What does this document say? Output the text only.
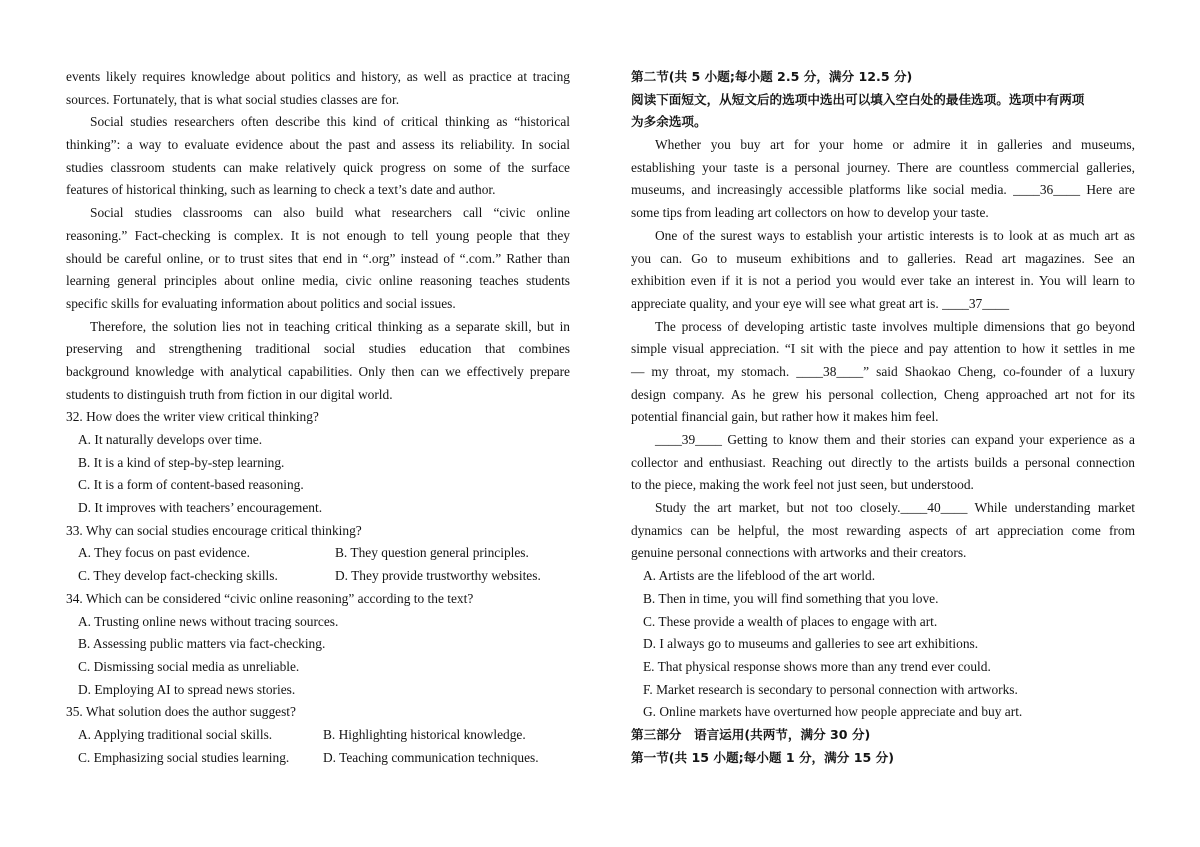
events likely requires knowledge about politics and history, as well as practice at tracing
sources. Fortunately, that is what social studies classes are for.
Social studies researchers often describe this kind of critical thinking as “historical
thinking”: a way to evaluate evidence about the past and assess its reliability. In social
studies classroom students can make relatively quick progress on some of the surface
features of historical thinking, such as learning to check a text’s date and author.
Social studies classrooms can also build what researchers call “civic online
reasoning.” Fact-checking is complex. It is not enough to tell young people that they
should be careful online, or to trust sites that end in “.org” instead of “.com.” Rather than
learning general principles about online media, civic online reasoning teaches students
specific skills for evaluating information about politics and social issues.
Therefore, the solution lies not in teaching critical thinking as a separate skill, but in
preserving and strengthening traditional social studies education that combines
background knowledge with analytical capabilities. Only then can we effectively prepare
students to distinguish truth from fiction in our digital world.
32. How does the writer view critical thinking?
A. It naturally develops over time.
B. It is a kind of step-by-step learning.
C. It is a form of content-based reasoning.
D. It improves with teachers’ encouragement.
33. Why can social studies encourage critical thinking?
A. They focus on past evidence.	B. They question general principles.
C. They develop fact-checking skills.	D. They provide trustworthy websites.
34. Which can be considered “civic online reasoning” according to the text?
A. Trusting online news without tracing sources.
B. Assessing public matters via fact-checking.
C. Dismissing social media as unreliable.
D. Employing AI to spread news stories.
35. What solution does the author suggest?
A. Applying traditional social skills.	B. Highlighting historical knowledge.
C. Emphasizing social studies learning.	D. Teaching communication techniques.
第二节(共 5 小题;每小题 2.5 分，满分 12.5 分)
阅读下面短文，从短文后的选项中选出可以填入空白处的最佳选项。选项中有两项
为多余选项。
Whether you buy art for your home or admire it in galleries and museums,
establishing your taste is a personal journey. There are countless commercial galleries,
museums, and increasingly accessible platforms like social media. ____36____ Here are
some tips from leading art collectors on how to develop your taste.
One of the surest ways to establish your artistic interests is to look at as much art as
you can. Go to museum exhibitions and to galleries. Read art magazines. See an
exhibition even if it is not a period you would ever take an interest in. You will learn to
appreciate quality, and your eye will see what great art is. ____37____
The process of developing artistic taste involves multiple dimensions that go beyond
simple visual appreciation. “I sit with the piece and pay attention to how it settles in me
— my throat, my stomach. ____38____” said Shaokao Cheng, co-founder of a luxury
design company. As he grew his personal collection, Cheng approached art not for its
potential financial gain, but rather how it makes him feel.
____39____ Getting to know them and their stories can expand your experience as a
collector and enthusiast. Reaching out directly to the artists builds a personal connection
to the piece, making the work feel not just seen, but understood.
Study the art market, but not too closely.____40____ While understanding market
dynamics can be helpful, the most rewarding aspects of art appreciation come from
genuine personal connections with artworks and their creators.
A. Artists are the lifeblood of the art world.
B. Then in time, you will find something that you love.
C. These provide a wealth of places to engage with art.
D. I always go to museums and galleries to see art exhibitions.
E. That physical response shows more than any trend ever could.
F. Market research is secondary to personal connection with artworks.
G. Online markets have overturned how people appreciate and buy art.
第三部分　语言运用(共两节，满分 30 分)
第一节(共 15 小题;每小题 1 分，满分 15 分)
